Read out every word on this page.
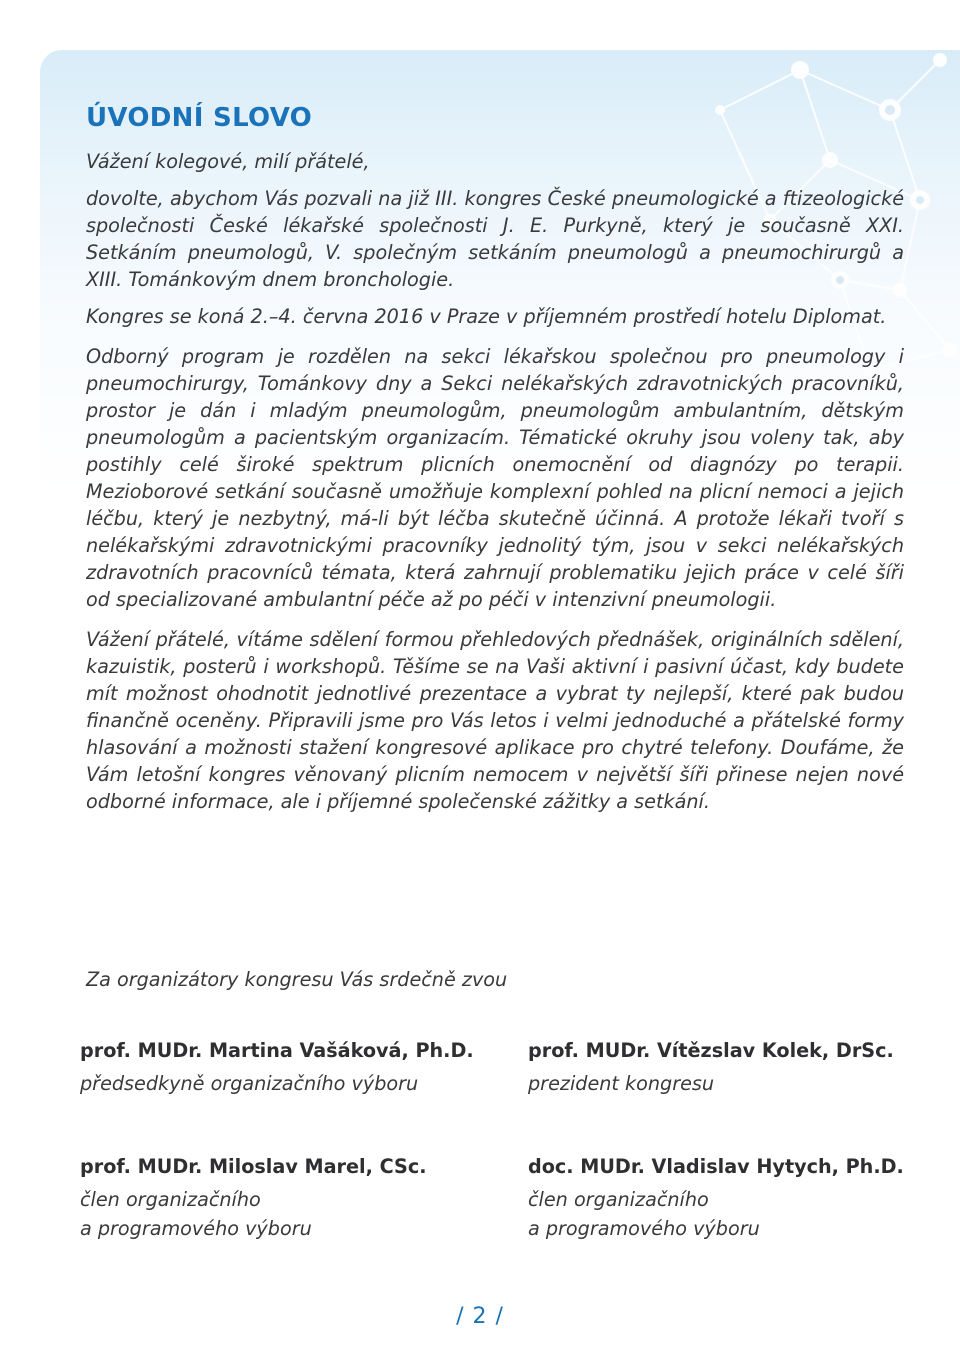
ÚVODNÍ SLOVO

Vážení kolegové, milí přátelé,

dovolte, abychom Vás pozvali na již III. kongres České pneumologické a ftizeologické společnosti České lékařské společnosti J. E. Purkyně, který je současně XXI. Setkáním pneumologů, V. společným setkáním pneumologů a pneumochirurgů a XIII. Tománkovým dnem bronchologie.

Kongres se koná 2.–4. června 2016 v Praze v příjemném prostředí hotelu Diplomat.

Odborný program je rozdělen na sekci lékařskou společnou pro pneumology i pneumochirurgy, Tománkovy dny a Sekci nelékařských zdravotnických pracovníků, prostor je dán i mladým pneumologům, pneumologům ambulantním, dětským pneumologům a pacientským organizacím. Tématické okruhy jsou voleny tak, aby postihly celé široké spektrum plicních onemocnění od diagnózy po terapii. Mezioborové setkání současně umožňuje komplexní pohled na plicní nemoci a jejich léčbu, který je nezbytný, má-li být léčba skutečně účinná. A protože lékaři tvoří s nelékařskými zdravotnickými pracovníky jednolitý tým, jsou v sekci nelékařských zdravotních pracovníců témata, která zahrnují problematiku jejich práce v celé šíři od specializované ambulantní péče až po péči v intenzivní pneumologii.

Vážení přátelé, vítáme sdělení formou přehledových přednášek, originálních sdělení, kazuistik, posterů i workshopů. Těšíme se na Vaši aktivní i pasivní účast, kdy budete mít možnost ohodnotit jednotlivé prezentace a vybrat ty nejlepší, které pak budou finančně oceněny. Připravili jsme pro Vás letos i velmi jednoduché a přátelské formy hlasování a možnosti stažení kongresové aplikace pro chytré telefony. Doufáme, že Vám letošní kongres věnovaný plicním nemocem v největší šíři přinese nejen nové odborné informace, ale i příjemné společenské zážitky a setkání.

Za organizátory kongresu Vás srdečně zvou
prof. MUDr. Martina Vašáková, Ph.D.
předsedkyně organizačního výboru
prof. MUDr. Vítězslav Kolek, DrSc.
prezident kongresu
prof. MUDr. Miloslav Marel, CSc.
člen organizačního
a programového výboru
doc. MUDr. Vladislav Hytych, Ph.D.
člen organizačního
a programového výboru
/ 2 /
